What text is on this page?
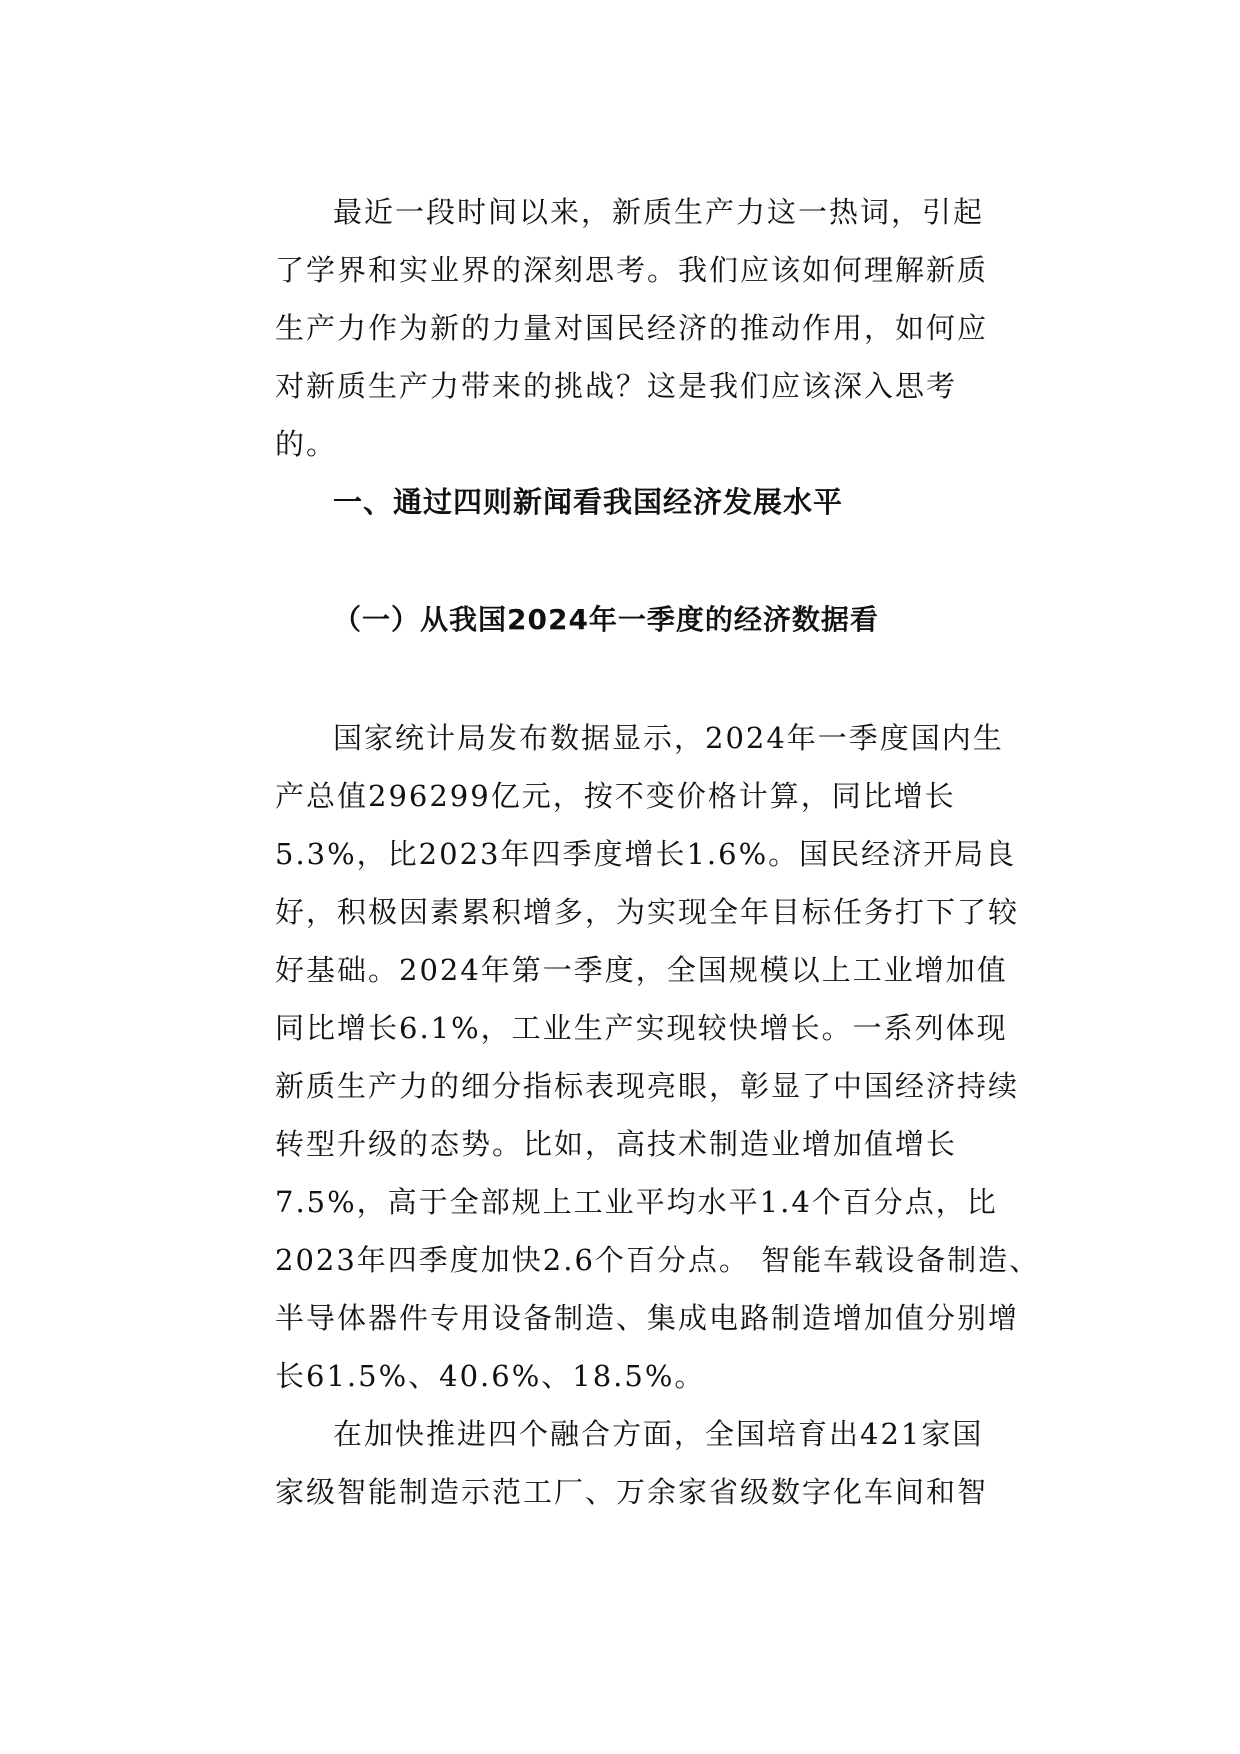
最近一段时间以来，新质生产力这一热词，引起
了学界和实业界的深刻思考。我们应该如何理解新质
生产力作为新的力量对国民经济的推动作用，如何应
对新质生产力带来的挑战？这是我们应该深入思考
的。
一、通过四则新闻看我国经济发展水平
（一）从我国2024年一季度的经济数据看
国家统计局发布数据显示，2024年一季度国内生
产总值296299亿元，按不变价格计算，同比增长
5.3%，比2023年四季度增长1.6%。国民经济开局良
好，积极因素累积增多，为实现全年目标任务打下了较
好基础。2024年第一季度，全国规模以上工业增加值
同比增长6.1%，工业生产实现较快增长。一系列体现
新质生产力的细分指标表现亮眼，彰显了中国经济持续
转型升级的态势。比如，高技术制造业增加值增长
7.5%，高于全部规上工业平均水平1.4个百分点，比
2023年四季度加快2.6个百分点。 智能车载设备制造、
半导体器件专用设备制造、集成电路制造增加值分别增
长61.5%、40.6%、18.5%。
在加快推进四个融合方面，全国培育出421家国
家级智能制造示范工厂、万余家省级数字化车间和智
